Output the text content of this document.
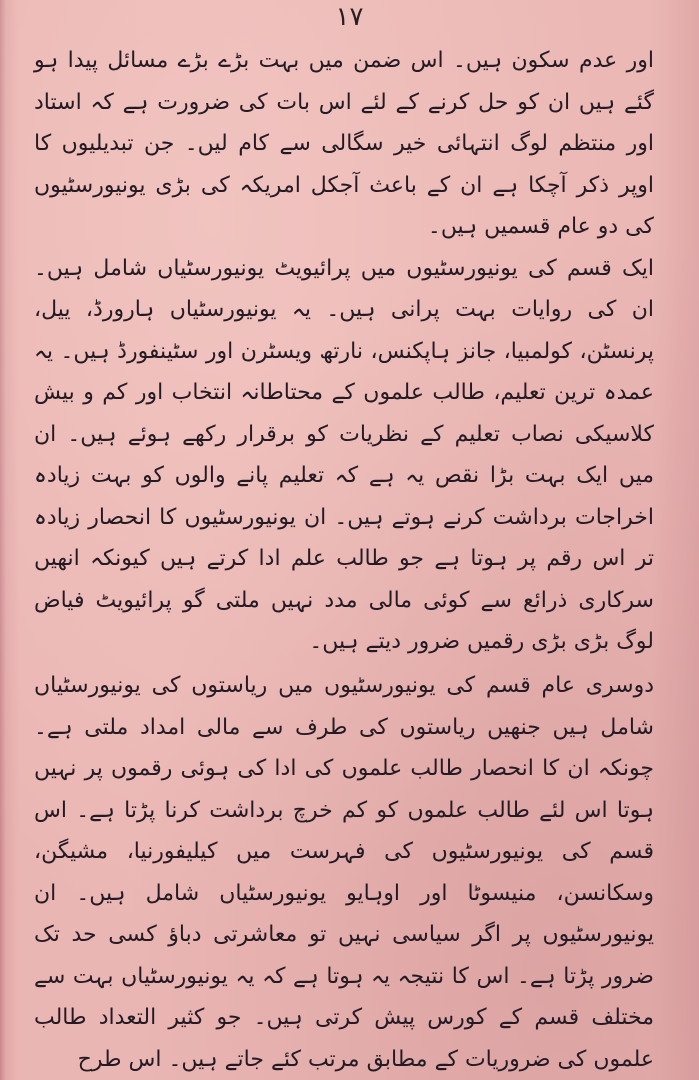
۱۷

اور عدم سکون ہیں۔ اس ضمن میں بہت بڑے بڑے مسائل پیدا ہو گئے ہیں ان کو حل کرنے کے لئے اس بات کی ضرورت ہے کہ استاد اور منتظم لوگ انتہائی خیر سگالی سے کام لیں۔ جن تبدیلیوں کا اوپر ذکر آچکا ہے ان کے باعث آجکل امریکہ کی بڑی یونیورسٹیوں کی دو عام قسمیں ہیں۔

ایک قسم کی یونیورسٹیوں میں پرائیویٹ یونیورسٹیاں شامل ہیں۔ ان کی روایات بہت پرانی ہیں۔ یہ یونیورسٹیاں ہارورڈ، ییل، پرنسٹن، کولمبیا، جانز ہاپکنس، نارتھ ویسٹرن اور سٹینفورڈ ہیں۔ یہ عمدہ ترین تعلیم، طالب علموں کے محتاطانہ انتخاب اور کم و بیش کلاسیکی نصاب تعلیم کے نظریات کو برقرار رکھے ہوئے ہیں۔ ان میں ایک بہت بڑا نقص یہ ہے کہ تعلیم پانے والوں کو بہت زیادہ اخراجات برداشت کرنے ہوتے ہیں۔ ان یونیورسٹیوں کا انحصار زیادہ تر اس رقم پر ہوتا ہے جو طالب علم ادا کرتے ہیں کیونکہ انھیں سرکاری ذرائع سے کوئی مالی مدد نہیں ملتی گو پرائیویٹ فیاض لوگ بڑی بڑی رقمیں ضرور دیتے ہیں۔

دوسری عام قسم کی یونیورسٹیوں میں ریاستوں کی یونیورسٹیاں شامل ہیں جنھیں ریاستوں کی طرف سے مالی امداد ملتی ہے۔ چونکہ ان کا انحصار طالب علموں کی ادا کی ہوئی رقموں پر نہیں ہوتا اس لئے طالب علموں کو کم خرچ برداشت کرنا پڑتا ہے۔ اس قسم کی یونیورسٹیوں کی فہرست میں کیلیفورنیا، مشیگن، وسکانسن، منیسوٹا اور اوہایو یونیورسٹیاں شامل ہیں۔ ان یونیورسٹیوں پر اگر سیاسی نہیں تو معاشرتی دباؤ کسی حد تک ضرور پڑتا ہے۔ اس کا نتیجہ یہ ہوتا ہے کہ یہ یونیورسٹیاں بہت سے مختلف قسم کے کورس پیش کرتی ہیں۔ جو کثیر التعداد طالب علموں کی ضروریات کے مطابق مرتب کئے جاتے ہیں۔ اس طرح
